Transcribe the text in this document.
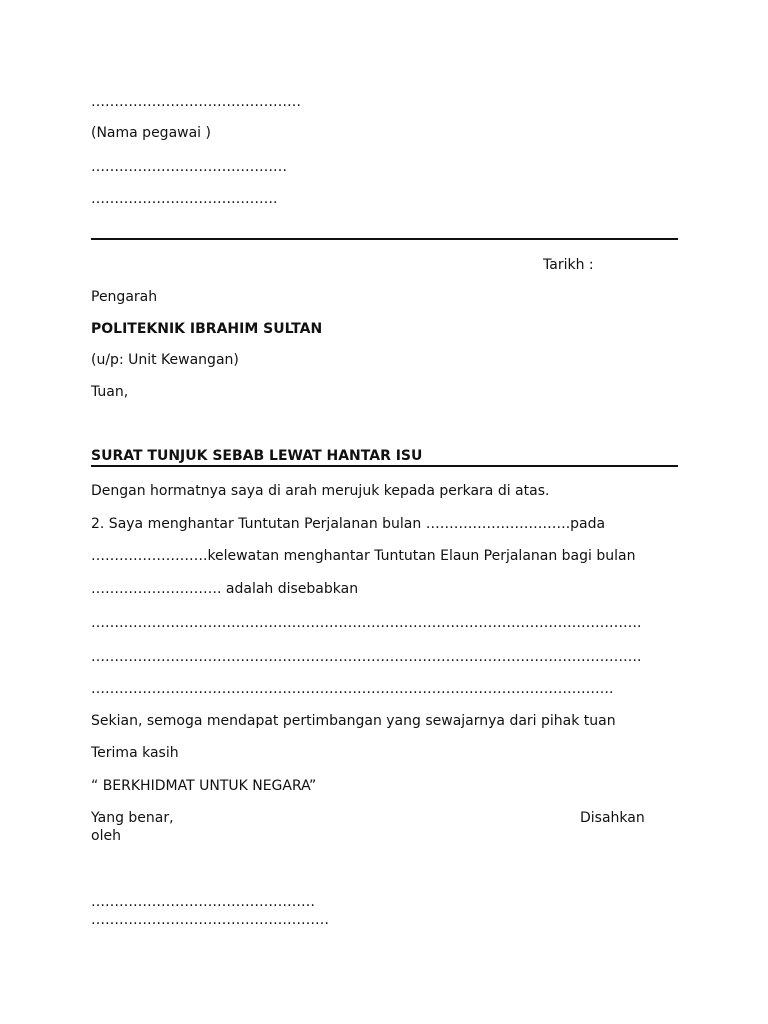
………………………………………
(Nama pegawai )
……………………………………
………………………………….
Tarikh :
Pengarah
POLITEKNIK IBRAHIM SULTAN
(u/p: Unit Kewangan)
Tuan,
SURAT TUNJUK SEBAB LEWAT HANTAR ISU
Dengan hormatnya saya di arah merujuk kepada perkara di atas.
2. Saya menghantar Tuntutan Perjalanan bulan ………………………….pada
…………………….kelewatan menghantar Tuntutan Elaun Perjalanan bagi bulan
………………………. adalah disebabkan
……………………………………………………………………………………………………….
……………………………………………………………………………………………………….
………………………………………………………………………………………………….
Sekian, semoga mendapat pertimbangan yang sewajarnya dari pihak tuan
Terima kasih
“ BERKHIDMAT UNTUK NEGARA”
Yang benar,	Disahkan
oleh
…………………………………………
……………………………………………
